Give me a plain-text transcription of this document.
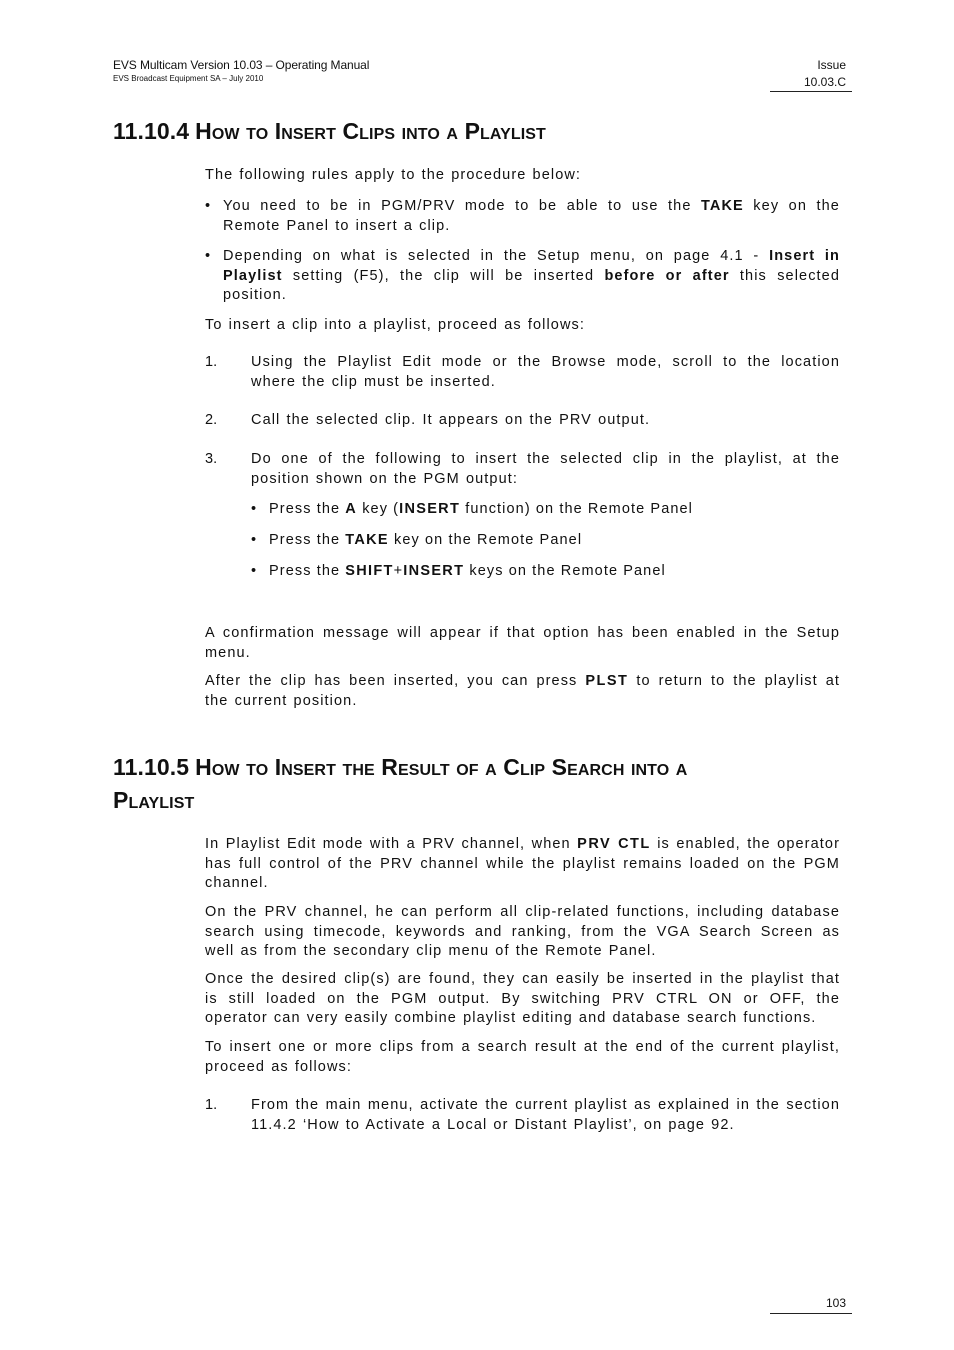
EVS Multicam Version 10.03 – Operating Manual
EVS Broadcast Equipment SA – July 2010
Issue
10.03.C
11.10.4 How to Insert Clips into a Playlist

The following rules apply to the procedure below:

• You need to be in PGM/PRV mode to be able to use the TAKE key on the Remote Panel to insert a clip.
• Depending on what is selected in the Setup menu, on page 4.1 - Insert in Playlist setting (F5), the clip will be inserted before or after this selected position.

To insert a clip into a playlist, proceed as follows:

1. Using the Playlist Edit mode or the Browse mode, scroll to the location where the clip must be inserted.
2. Call the selected clip. It appears on the PRV output.
3. Do one of the following to insert the selected clip in the playlist, at the position shown on the PGM output:
• Press the A key (INSERT function) on the Remote Panel
• Press the TAKE key on the Remote Panel
• Press the SHIFT+INSERT keys on the Remote Panel

A confirmation message will appear if that option has been enabled in the Setup menu.

After the clip has been inserted, you can press PLST to return to the playlist at the current position.

11.10.5 How to Insert the Result of a Clip Search into a
Playlist

In Playlist Edit mode with a PRV channel, when PRV CTL is enabled, the operator has full control of the PRV channel while the playlist remains loaded on the PGM channel.

On the PRV channel, he can perform all clip-related functions, including database search using timecode, keywords and ranking, from the VGA Search Screen as well as from the secondary clip menu of the Remote Panel.

Once the desired clip(s) are found, they can easily be inserted in the playlist that is still loaded on the PGM output. By switching PRV CTRL ON or OFF, the operator can very easily combine playlist editing and database search functions.

To insert one or more clips from a search result at the end of the current playlist, proceed as follows:

1. From the main menu, activate the current playlist as explained in the section 11.4.2 ‘How to Activate a Local or Distant Playlist’, on page 92.
103
